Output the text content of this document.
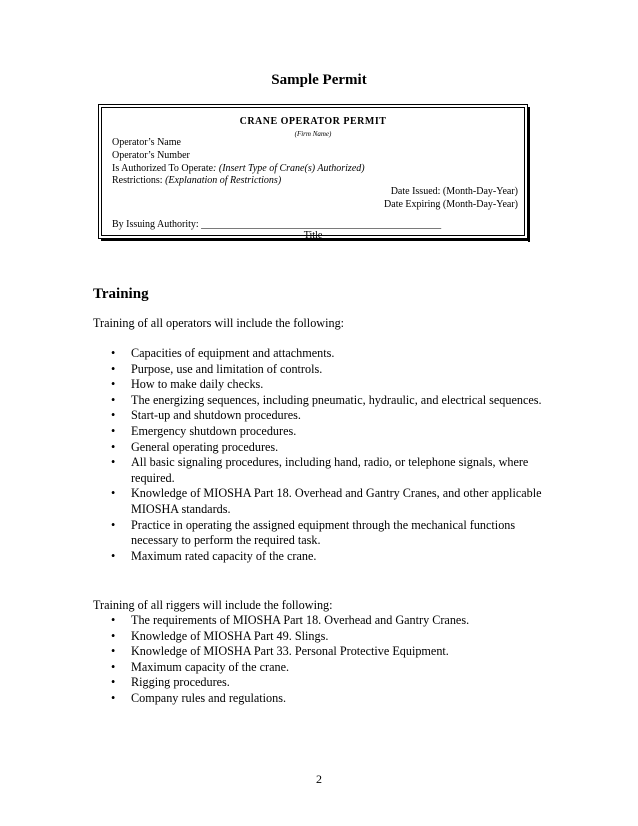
Sample Permit
CRANE OPERATOR PERMIT
(Firm Name)
Operator’s Name
Operator’s Number
Is Authorized To Operate: (Insert Type of Crane(s) Authorized)
Restrictions: (Explanation of Restrictions)
Date Issued: (Month-Day-Year)
Date Expiring (Month-Day-Year)
By Issuing Authority: ________________________________________________
Title
Training
Training of all operators will include the following:
• Capacities of equipment and attachments.
• Purpose, use and limitation of controls.
• How to make daily checks.
• The energizing sequences, including pneumatic, hydraulic, and electrical sequences.
• Start-up and shutdown procedures.
• Emergency shutdown procedures.
• General operating procedures.
• All basic signaling procedures, including hand, radio, or telephone signals, where required.
• Knowledge of MIOSHA Part 18. Overhead and Gantry Cranes, and other applicable MIOSHA standards.
• Practice in operating the assigned equipment through the mechanical functions necessary to perform the required task.
• Maximum rated capacity of the crane.
Training of all riggers will include the following:
• The requirements of MIOSHA Part 18. Overhead and Gantry Cranes.
• Knowledge of MIOSHA Part 49. Slings.
• Knowledge of MIOSHA Part 33. Personal Protective Equipment.
• Maximum capacity of the crane.
• Rigging procedures.
• Company rules and regulations.
2
